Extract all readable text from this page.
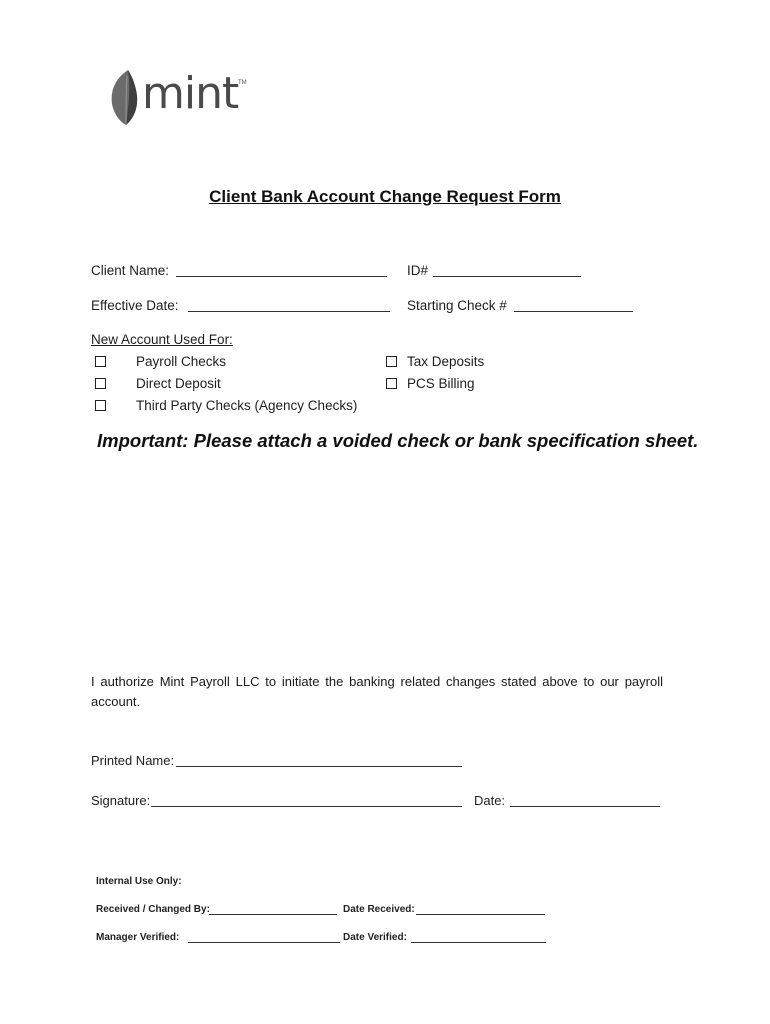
mint TM
Client Bank Account Change Request Form
Client Name:	ID#
Effective Date:	Starting Check #
New Account Used For:
Payroll Checks
Direct Deposit
Third Party Checks (Agency Checks)
Tax Deposits
PCS Billing
Important: Please attach a voided check or bank specification sheet.
I authorize Mint Payroll LLC to initiate the banking related changes stated above to our payroll account.
Printed Name:
Signature:	Date:
Internal Use Only:
Received / Changed By:	Date Received:
Manager Verified:	Date Verified:
